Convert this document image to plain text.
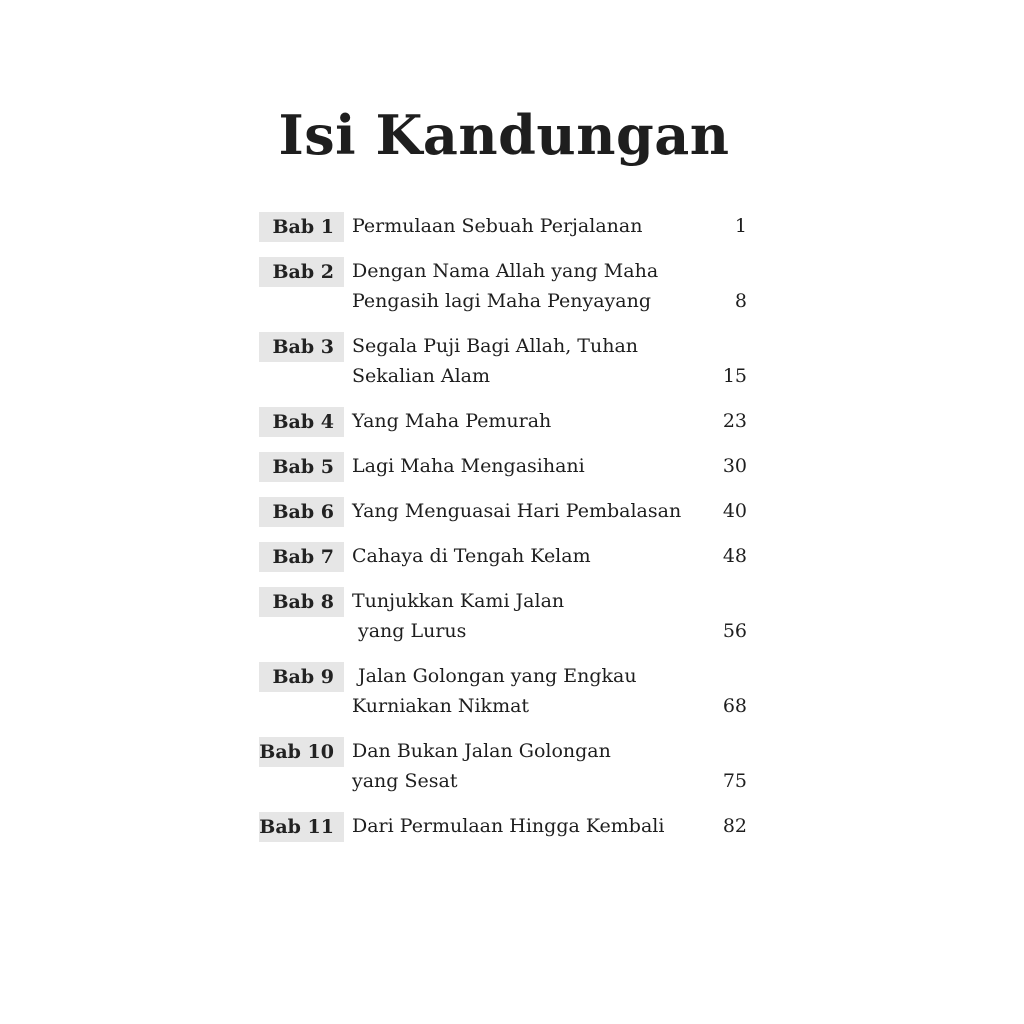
Isi Kandungan
Bab 1 Permulaan Sebuah Perjalanan	1
Bab 2 Dengan Nama Allah yang Maha
Pengasih lagi Maha Penyayang	8
Bab 3 Segala Puji Bagi Allah, Tuhan
Sekalian Alam	15
Bab 4 Yang Maha Pemurah	23
Bab 5 Lagi Maha Mengasihani	30
Bab 6 Yang Menguasai Hari Pembalasan	40
Bab 7 Cahaya di Tengah Kelam	48
Bab 8 Tunjukkan Kami Jalan
yang Lurus	56
Bab 9	Jalan Golongan yang Engkau
Kurniakan Nikmat	68
Bab 10 Dan Bukan Jalan Golongan
yang Sesat	75
Bab 11 Dari Permulaan Hingga Kembali	82
